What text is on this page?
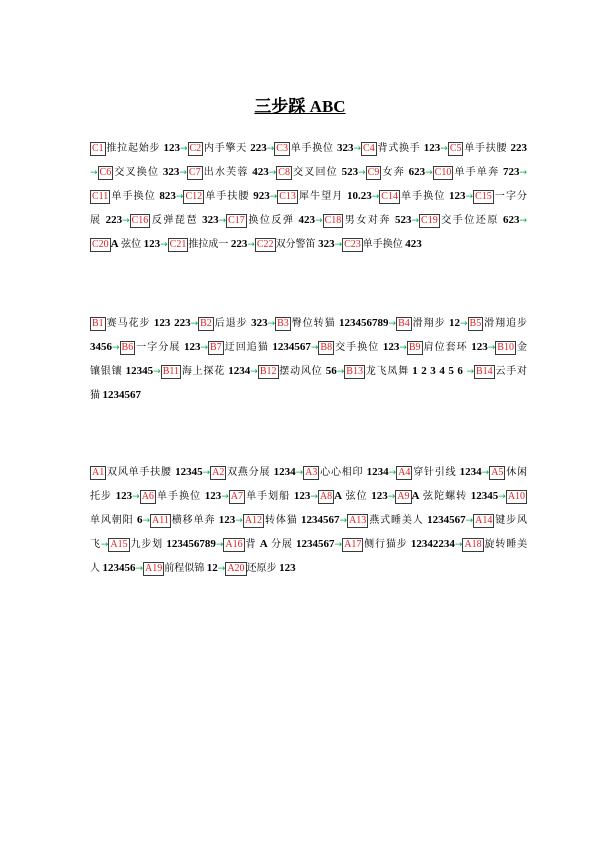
三步踩 ABC
C1 推拉起始步 123→ C2 内手擎天 223→ C3 单手换位 323→ C4 背式换手 123→ C5 单手扶腰 223
→ C6 交叉换位 323→ C7 出水芙蓉 423→ C8 交叉回位 523→ C9 女奔 623→ C10 单手单奔 723→
C11 单手换位 823→ C12 单手扶腰 923→ C13 犀牛望月 10.23→ C14 单手换位 123→ C15 一字分
展 223→ C16 反弹琵琶 323→ C17 换位反弹 423→ C18 男女对奔 523→ C19 交手位还原 623→
C20 A 弦位 123→ C21 推拉成一 223→ C22 双分警笛 323→ C23 单手换位 423
B1 赛马花步 123 223→ B2 后退步 323→ B3 臀位转猫 123456789→ B4 滑翔步 12→ B5 滑翔追步
3456→ B6 一字分展 123→ B7 迂回追猫 1234567→ B8 交手换位 123→ B9 肩位套环 123→ B10 金
镶银镶 12345→ B11 海上探花 1234→ B12 摆动风位 56→ B13 龙飞凤舞 1 2 3 4 5 6 → B14 云手对
猫 1234567
A1 双风单手扶腰 12345→ A2 双燕分展 1234→ A3 心心相印 1234→ A4 穿针引线 1234→ A5 休闲
托步 123→ A6 单手换位 123→ A7 单手划船 123→ A8 A 弦位 123→ A9 A 弦陀螺转 12345→ A10
单风朝阳 6→ A11 横移单奔 123→ A12 转体猫 1234567→ A13 燕式睡美人 1234567→ A14 键步风
飞→ A15 九步划 123456789→ A16 背 A 分展 1234567→ A17 侧行猫步 12342234→ A18 旋转睡美
人 123456→ A19 前程似锦 12→ A20 还原步 123
